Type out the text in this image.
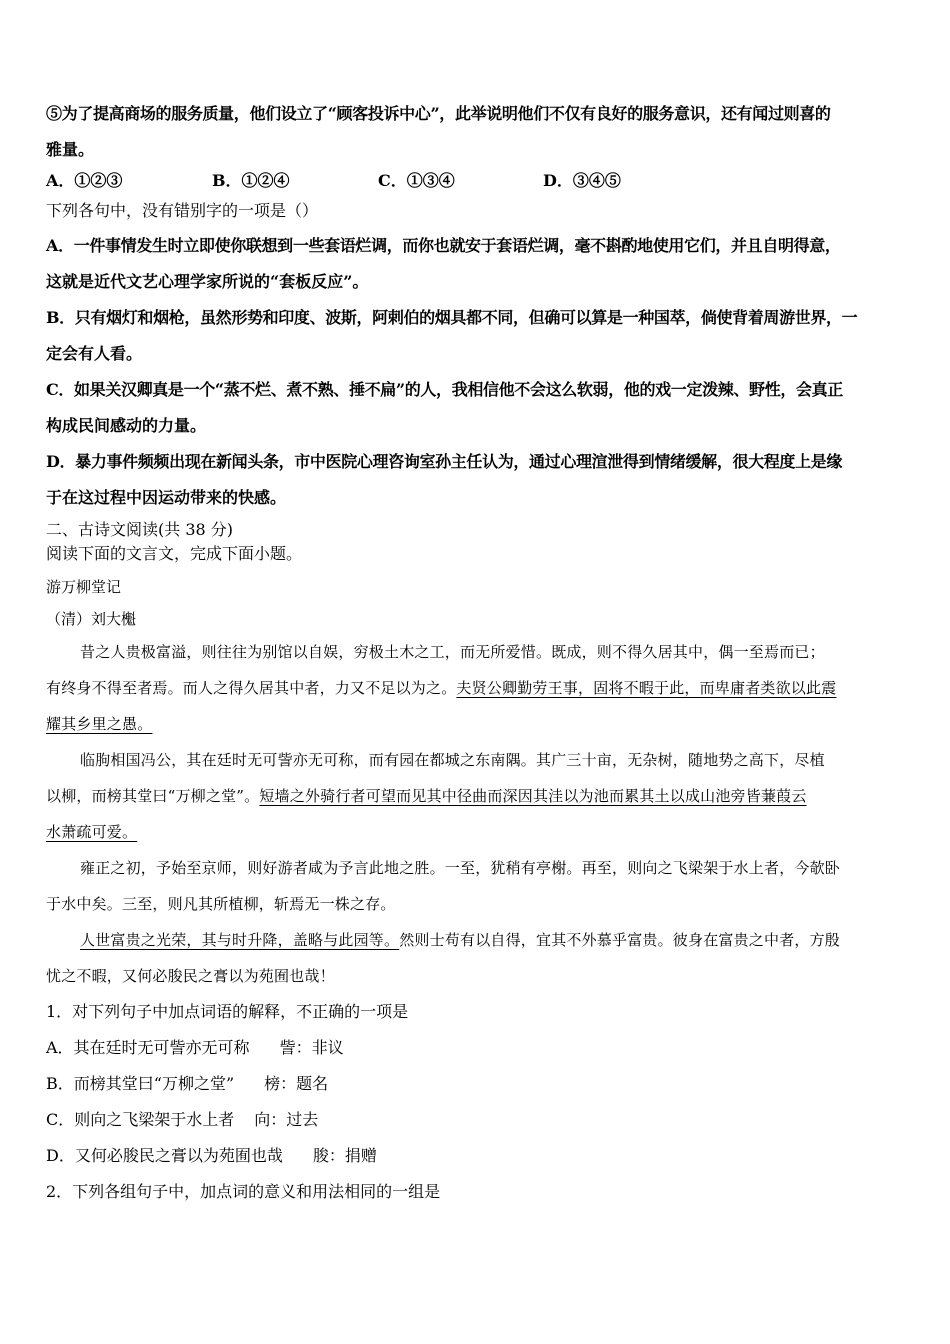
⑤为了提高商场的服务质量，他们设立了“顾客投诉中心”，此举说明他们不仅有良好的服务意识，还有闻过则喜的
雅量。
A．①②③	B．①②④	C．①③④	D．③④⑤
下列各句中，没有错别字的一项是（）
A．一件事情发生时立即使你联想到一些套语烂调，而你也就安于套语烂调，毫不斟酌地使用它们，并且自明得意，
这就是近代文艺心理学家所说的“套板反应”。
B．只有烟灯和烟枪，虽然形势和印度、波斯，阿剌伯的烟具都不同，但确可以算是一种国萃，倘使背着周游世界，一
定会有人看。
C．如果关汉卿真是一个“蒸不烂、煮不熟、捶不扁”的人，我相信他不会这么软弱，他的戏一定泼辣、野性，会真正
构成民间感动的力量。
D．暴力事件频频出现在新闻头条，市中医院心理咨询室孙主任认为，通过心理渲泄得到情绪缓解，很大程度上是缘
于在这过程中因运动带来的快感。
二、古诗文阅读(共 38 分)
阅读下面的文言文，完成下面小题。
游万柳堂记
（清）刘大櫆
昔之人贵极富溢，则往往为别馆以自娱，穷极土木之工，而无所爱惜。既成，则不得久居其中，偶一至焉而已；
有终身不得至者焉。而人之得久居其中者，力又不足以为之。夫贤公卿勤劳王事，固将不暇于此，而卑庸者类欲以此震
耀其乡里之愚。
临朐相国冯公，其在廷时无可訾亦无可称，而有园在都城之东南隅。其广三十亩，无杂树，随地势之高下，尽植
以柳，而榜其堂曰“万柳之堂”。短墙之外骑行者可望而见其中径曲而深因其洼以为池而累其土以成山池旁皆蒹葭云
水萧疏可爱。
雍正之初，予始至京师，则好游者咸为予言此地之胜。一至，犹稍有亭榭。再至，则向之飞梁架于水上者，今欹卧
于水中矣。三至，则凡其所植柳，斩焉无一株之存。
人世富贵之光荣，其与时升降，盖略与此园等。然则士苟有以自得，宜其不外慕乎富贵。彼身在富贵之中者，方殷
忧之不暇，又何必朘民之膏以为苑囿也哉！
1．对下列句子中加点词语的解释，不正确的一项是
A．其在廷时无可訾亦无可称 訾：非议
B．而榜其堂曰“万柳之堂” 榜：题名
C．则向之飞梁架于水上者 向：过去
D．又何必朘民之膏以为苑囿也哉 朘：捐赠
2．下列各组句子中，加点词的意义和用法相同的一组是
